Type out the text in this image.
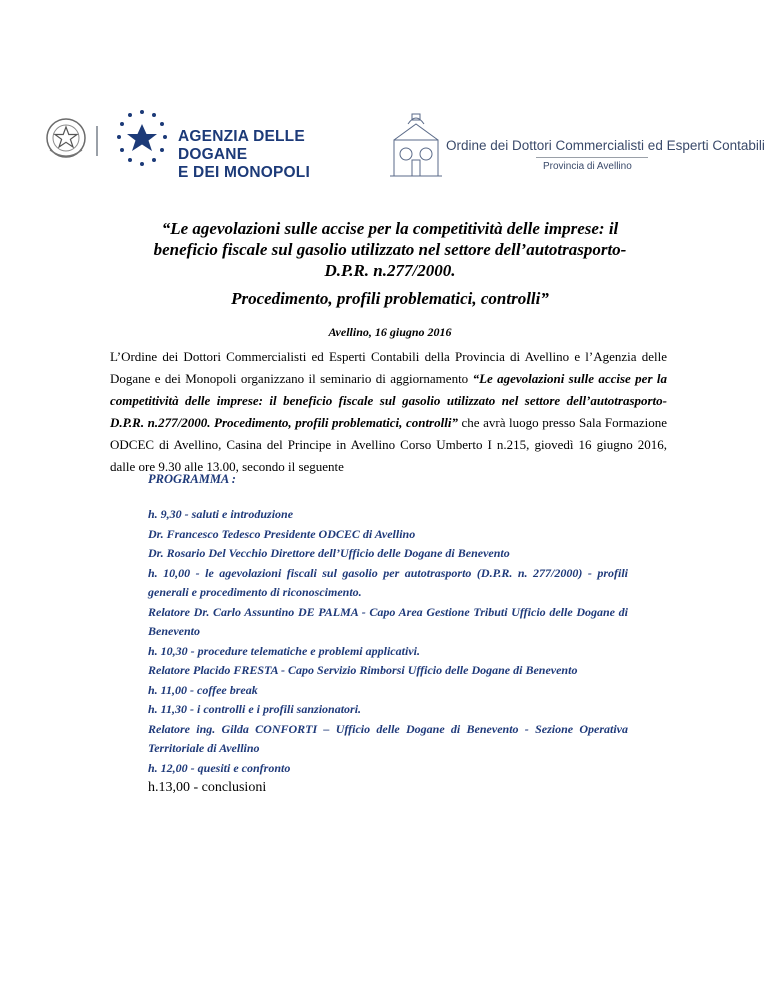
AGENZIA DELLE DOGANE
E DEI MONOPOLI
Ordine dei Dottori Commercialisti ed Esperti Contabili
Provincia di Avellino
“Le agevolazioni sulle accise per la competitività delle imprese: il
beneficio fiscale sul gasolio utilizzato nel settore dell’autotrasporto-
D.P.R. n.277/2000.
Procedimento, profili problematici, controlli”
Avellino, 16 giugno 2016
L’Ordine dei Dottori Commercialisti ed Esperti Contabili della Provincia di Avellino e l’Agenzia delle Dogane e dei Monopoli organizzano il seminario di aggiornamento “Le agevolazioni sulle accise per la competitività delle imprese: il beneficio fiscale sul gasolio utilizzato nel settore dell’autotrasporto- D.P.R. n.277/2000. Procedimento, profili problematici, controlli” che avrà luogo presso Sala Formazione ODCEC di Avellino, Casina del Principe in Avellino Corso Umberto I n.215, giovedì 16 giugno 2016, dalle ore 9.30 alle 13.00, secondo il seguente
PROGRAMMA :
h. 9,30 - saluti e introduzione
Dr. Francesco Tedesco Presidente ODCEC di Avellino
Dr. Rosario Del Vecchio Direttore dell’Ufficio delle Dogane di Benevento
h. 10,00 - le agevolazioni fiscali sul gasolio per autotrasporto (D.P.R. n. 277/2000) - profili generali e procedimento di riconoscimento.
Relatore Dr. Carlo Assuntino DE PALMA - Capo Area Gestione Tributi Ufficio delle Dogane di Benevento
h. 10,30 - procedure telematiche e problemi applicativi.
Relatore Placido FRESTA - Capo Servizio Rimborsi Ufficio delle Dogane di Benevento
h. 11,00 - coffee break
h. 11,30 - i controlli e i profili sanzionatori.
Relatore ing. Gilda CONFORTI – Ufficio delle Dogane di Benevento - Sezione Operativa Territoriale di Avellino
h. 12,00 - quesiti e confronto
h.13,00 - conclusioni
